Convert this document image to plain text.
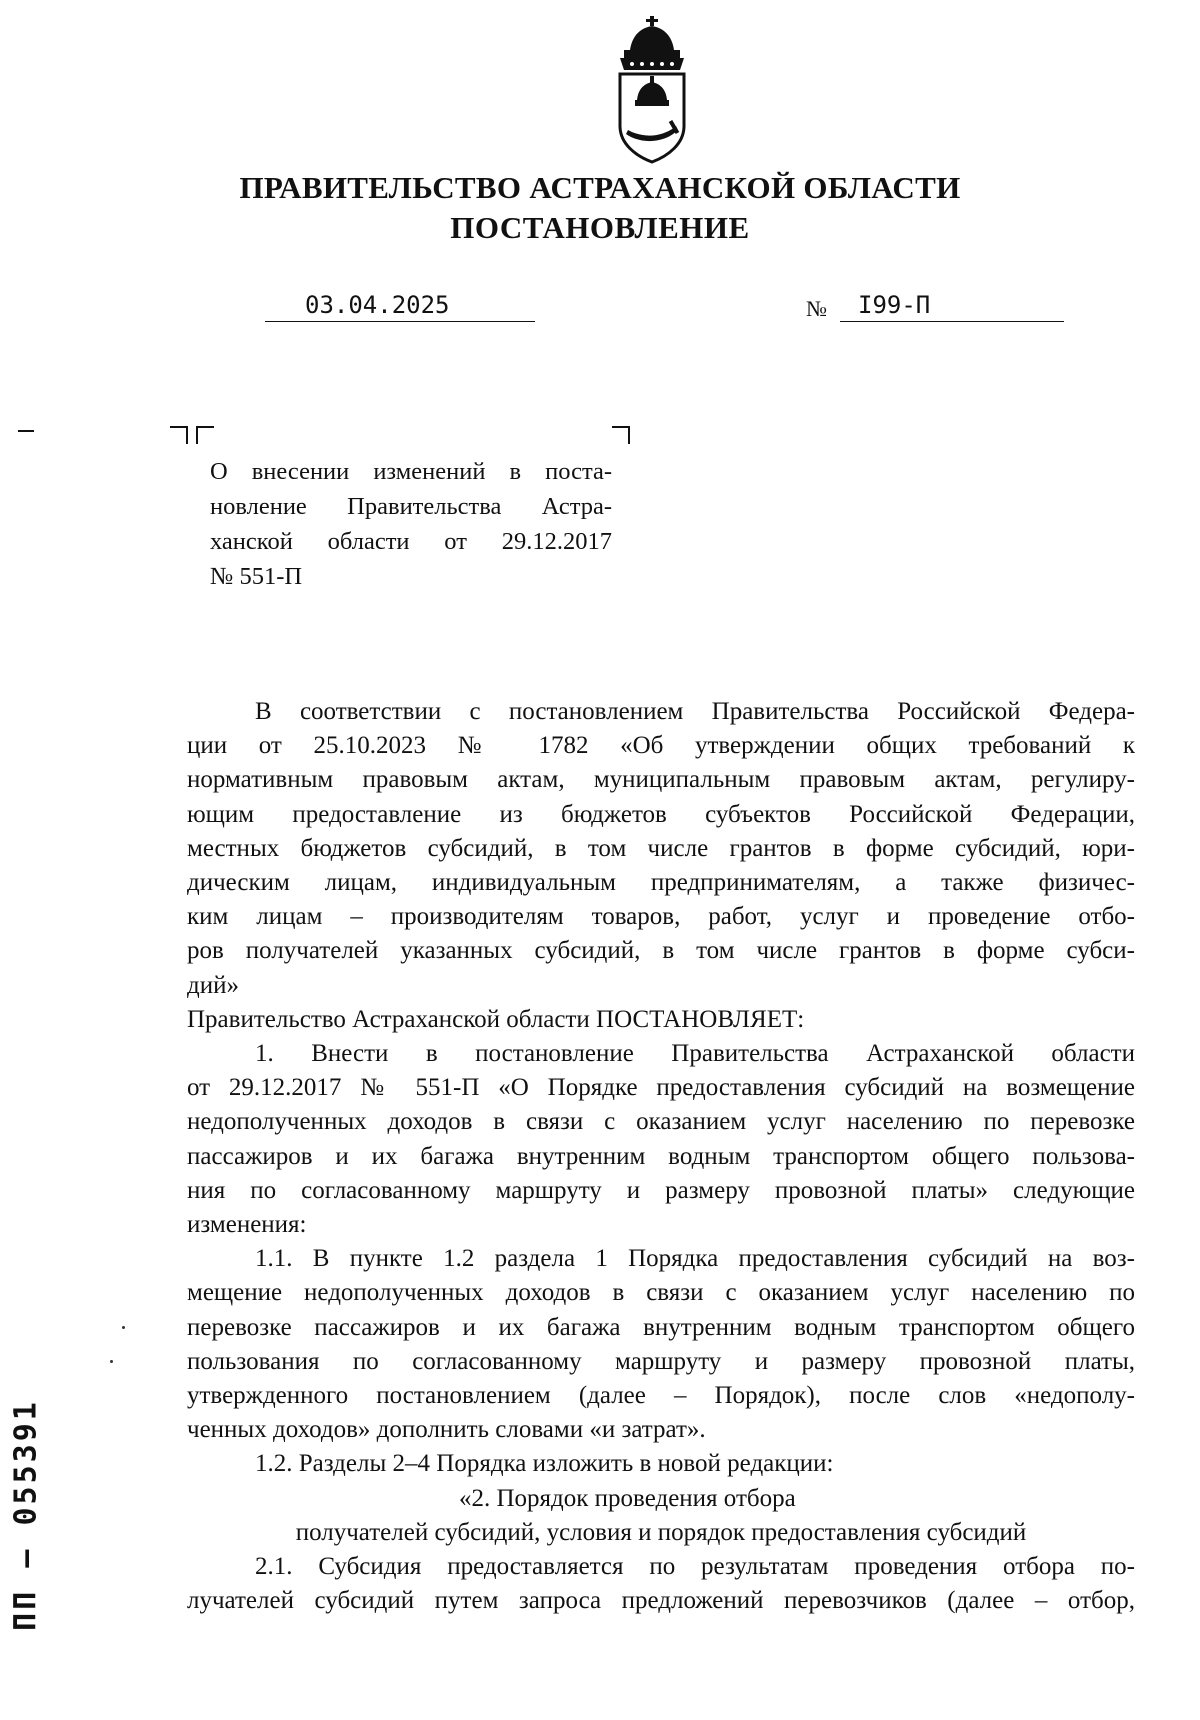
ПРАВИТЕЛЬСТВО АСТРАХАНСКОЙ ОБЛАСТИ
ПОСТАНОВЛЕНИЕ
03.04.2025	№ I99-П
О внесении изменений в поста-
новление Правительства Астра-
ханской области от 29.12.2017
№ 551-П
В соответствии с постановлением Правительства Российской Федера-
ции от 25.10.2023 № 1782 «Об утверждении общих требований к
нормативным правовым актам, муниципальным правовым актам, регулиру-
ющим предоставление из бюджетов субъектов Российской Федерации,
местных бюджетов субсидий, в том числе грантов в форме субсидий, юри-
дическим лицам, индивидуальным предпринимателям, а также физичес-
ким лицам – производителям товаров, работ, услуг и проведение отбо-
ров получателей указанных субсидий, в том числе грантов в форме субси-
дий»
Правительство Астраханской области ПОСТАНОВЛЯЕТ:
1. Внести в постановление Правительства Астраханской области
от 29.12.2017 № 551-П «О Порядке предоставления субсидий на возмещение
недополученных доходов в связи с оказанием услуг населению по перевозке
пассажиров и их багажа внутренним водным транспортом общего пользова-
ния по согласованному маршруту и размеру провозной платы» следующие
изменения:
1.1. В пункте 1.2 раздела 1 Порядка предоставления субсидий на воз-
мещение недополученных доходов в связи с оказанием услуг населению по
перевозке пассажиров и их багажа внутренним водным транспортом общего
пользования по согласованному маршруту и размеру провозной платы,
утвержденного постановлением (далее – Порядок), после слов «недополу-
ченных доходов» дополнить словами «и затрат».
1.2. Разделы 2–4 Порядка изложить в новой редакции:
«2. Порядок проведения отбора
получателей субсидий, условия и порядок предоставления субсидий
2.1. Субсидия предоставляется по результатам проведения отбора по-
лучателей субсидий путем запроса предложений перевозчиков (далее – отбор,
ПП – 055391
